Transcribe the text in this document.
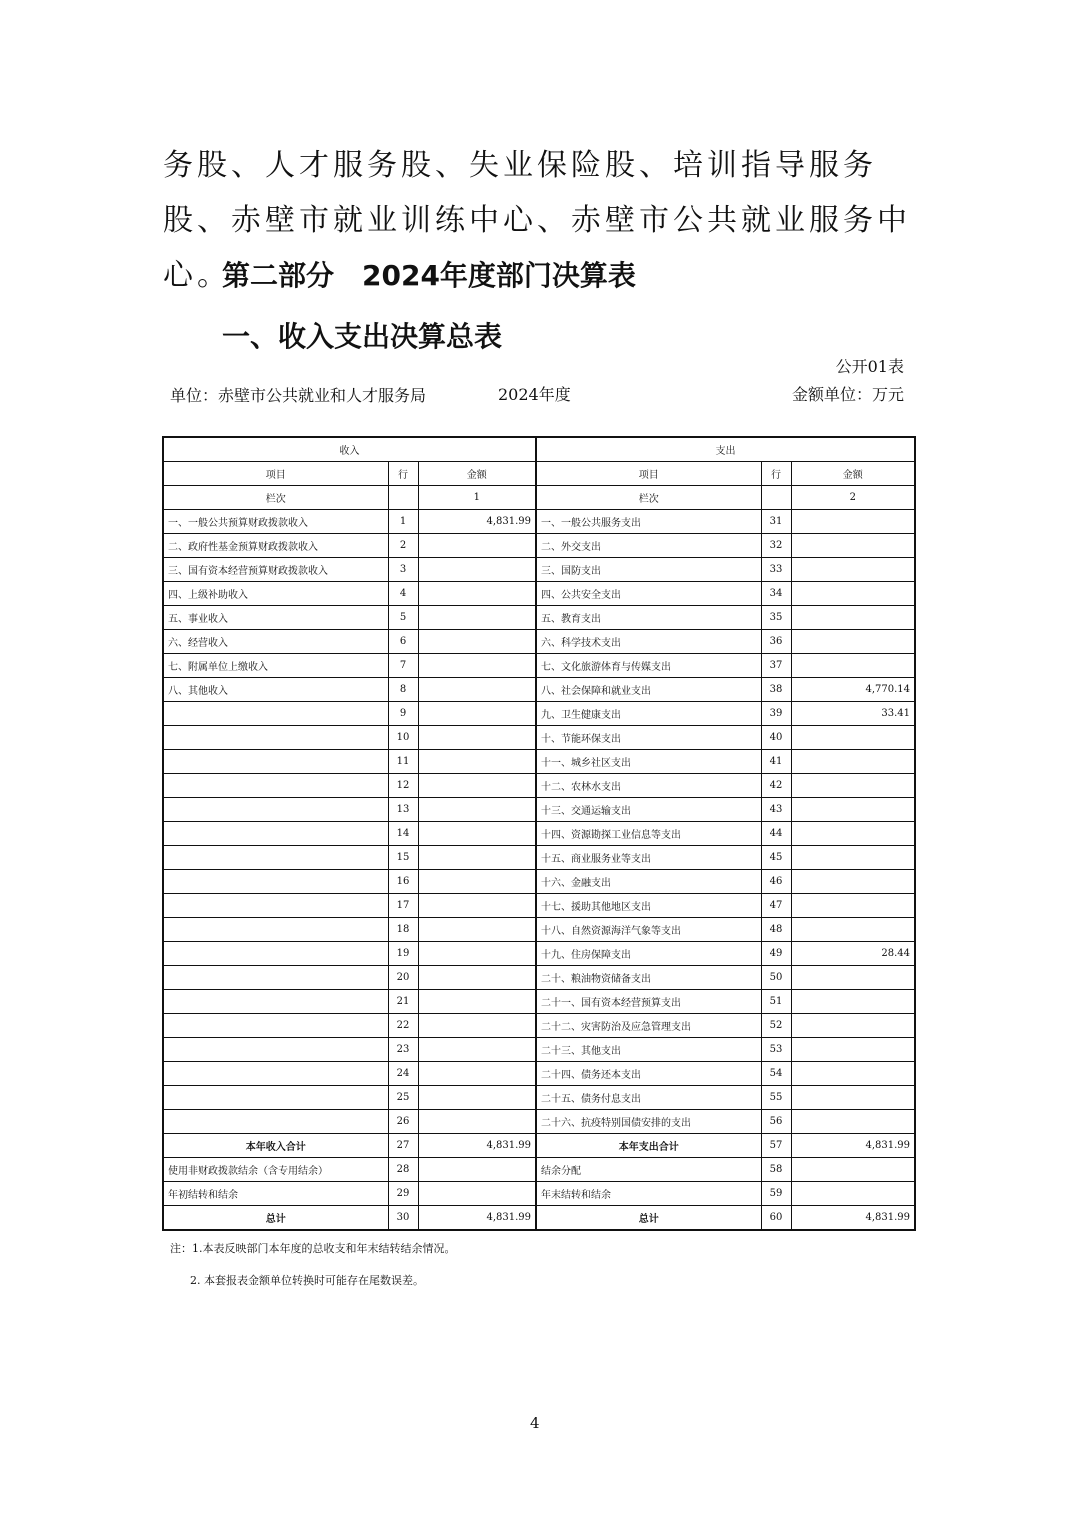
务股、人才服务股、失业保险股、培训指导服务股、赤壁市就业训练中心、赤壁市公共就业服务中心。

第二部分　2024年度部门决算表
一、收入支出决算总表
公开01表
单位：赤壁市公共就业和人才服务局	2024年度	金额单位：万元
收入			支出		
项目	行	金额	项目	行	金额
栏次		1	栏次		2
一、一般公共预算财政拨款收入	1	4,831.99	一、一般公共服务支出	31	
二、政府性基金预算财政拨款收入	2		二、外交支出	32	
三、国有资本经营预算财政拨款收入	3		三、国防支出	33	
四、上级补助收入	4		四、公共安全支出	34	
五、事业收入	5		五、教育支出	35	
六、经营收入	6		六、科学技术支出	36	
七、附属单位上缴收入	7		七、文化旅游体育与传媒支出	37	
八、其他收入	8		八、社会保障和就业支出	38	4,770.14
	9		九、卫生健康支出	39	33.41
	10		十、节能环保支出	40	
	11		十一、城乡社区支出	41	
	12		十二、农林水支出	42	
	13		十三、交通运输支出	43	
	14		十四、资源勘探工业信息等支出	44	
	15		十五、商业服务业等支出	45	
	16		十六、金融支出	46	
	17		十七、援助其他地区支出	47	
	18		十八、自然资源海洋气象等支出	48	
	19		十九、住房保障支出	49	28.44
	20		二十、粮油物资储备支出	50	
	21		二十一、国有资本经营预算支出	51	
	22		二十二、灾害防治及应急管理支出	52	
	23		二十三、其他支出	53	
	24		二十四、债务还本支出	54	
	25		二十五、债务付息支出	55	
	26		二十六、抗疫特别国债安排的支出	56	
本年收入合计	27	4,831.99	本年支出合计	57	4,831.99
使用非财政拨款结余（含专用结余）	28		结余分配	58	
年初结转和结余	29		年末结转和结余	59	
总计	30	4,831.99	总计	60	4,831.99
注：1.本表反映部门本年度的总收支和年末结转结余情况。
2. 本套报表金额单位转换时可能存在尾数误差。
4
